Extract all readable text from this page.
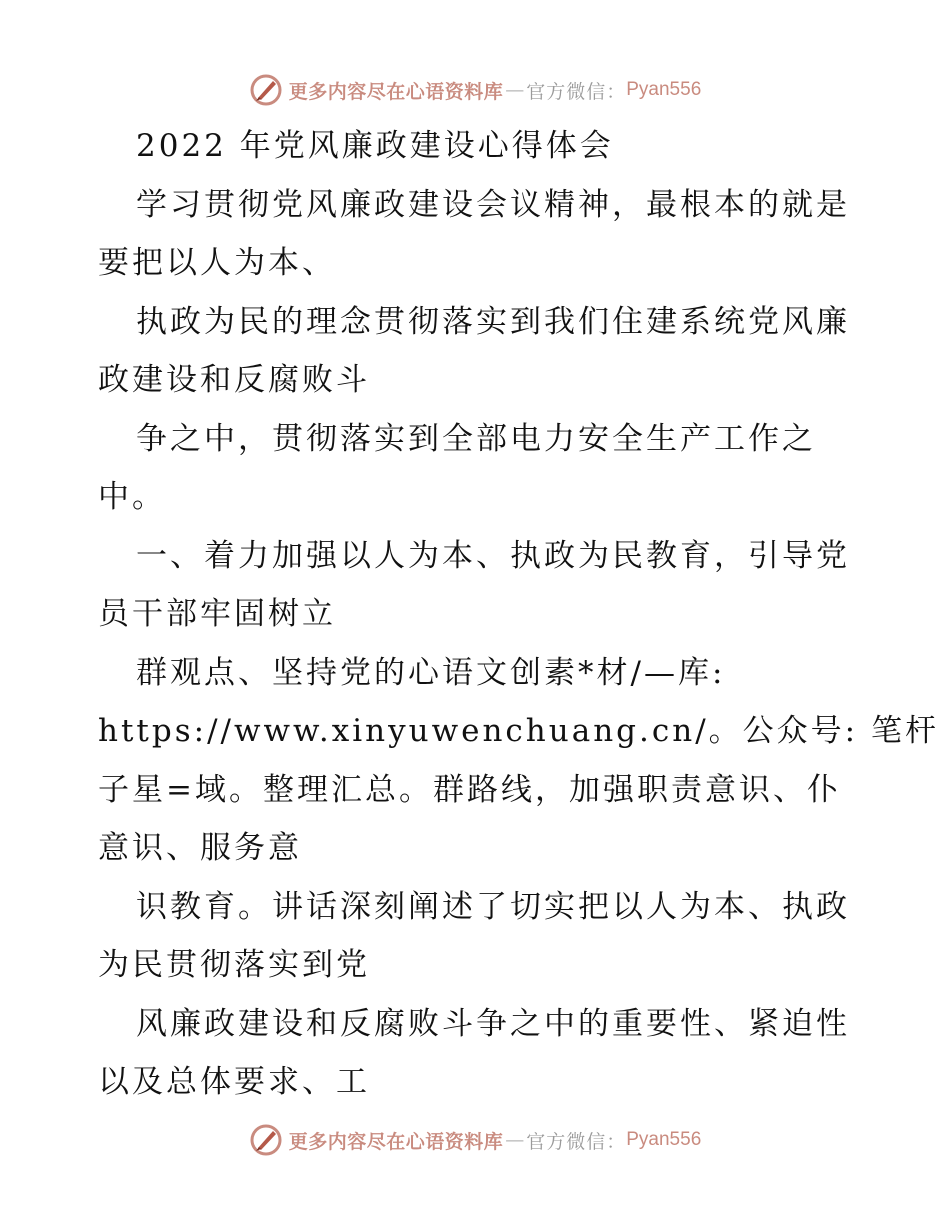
更多内容尽在心语资料库 — 官方微信： Pyan556
2022 年党风廉政建设心得体会
学习贯彻党风廉政建设会议精神，最根本的就是
要把以人为本、
执政为民的理念贯彻落实到我们住建系统党风廉
政建设和反腐败斗
争之中，贯彻落实到全部电力安全生产工作之
中。
一、着力加强以人为本、执政为民教育，引导党
员干部牢固树立
群观点、坚持党的心语文创素*材/—库:
https://www.xinyuwenchuang.cn/。公众号: 笔杆
子星=域。整理汇总。群路线，加强职责意识、仆
意识、服务意
识教育。讲话深刻阐述了切实把以人为本、执政
为民贯彻落实到党
风廉政建设和反腐败斗争之中的重要性、紧迫性
以及总体要求、工
更多内容尽在心语资料库 — 官方微信： Pyan556
